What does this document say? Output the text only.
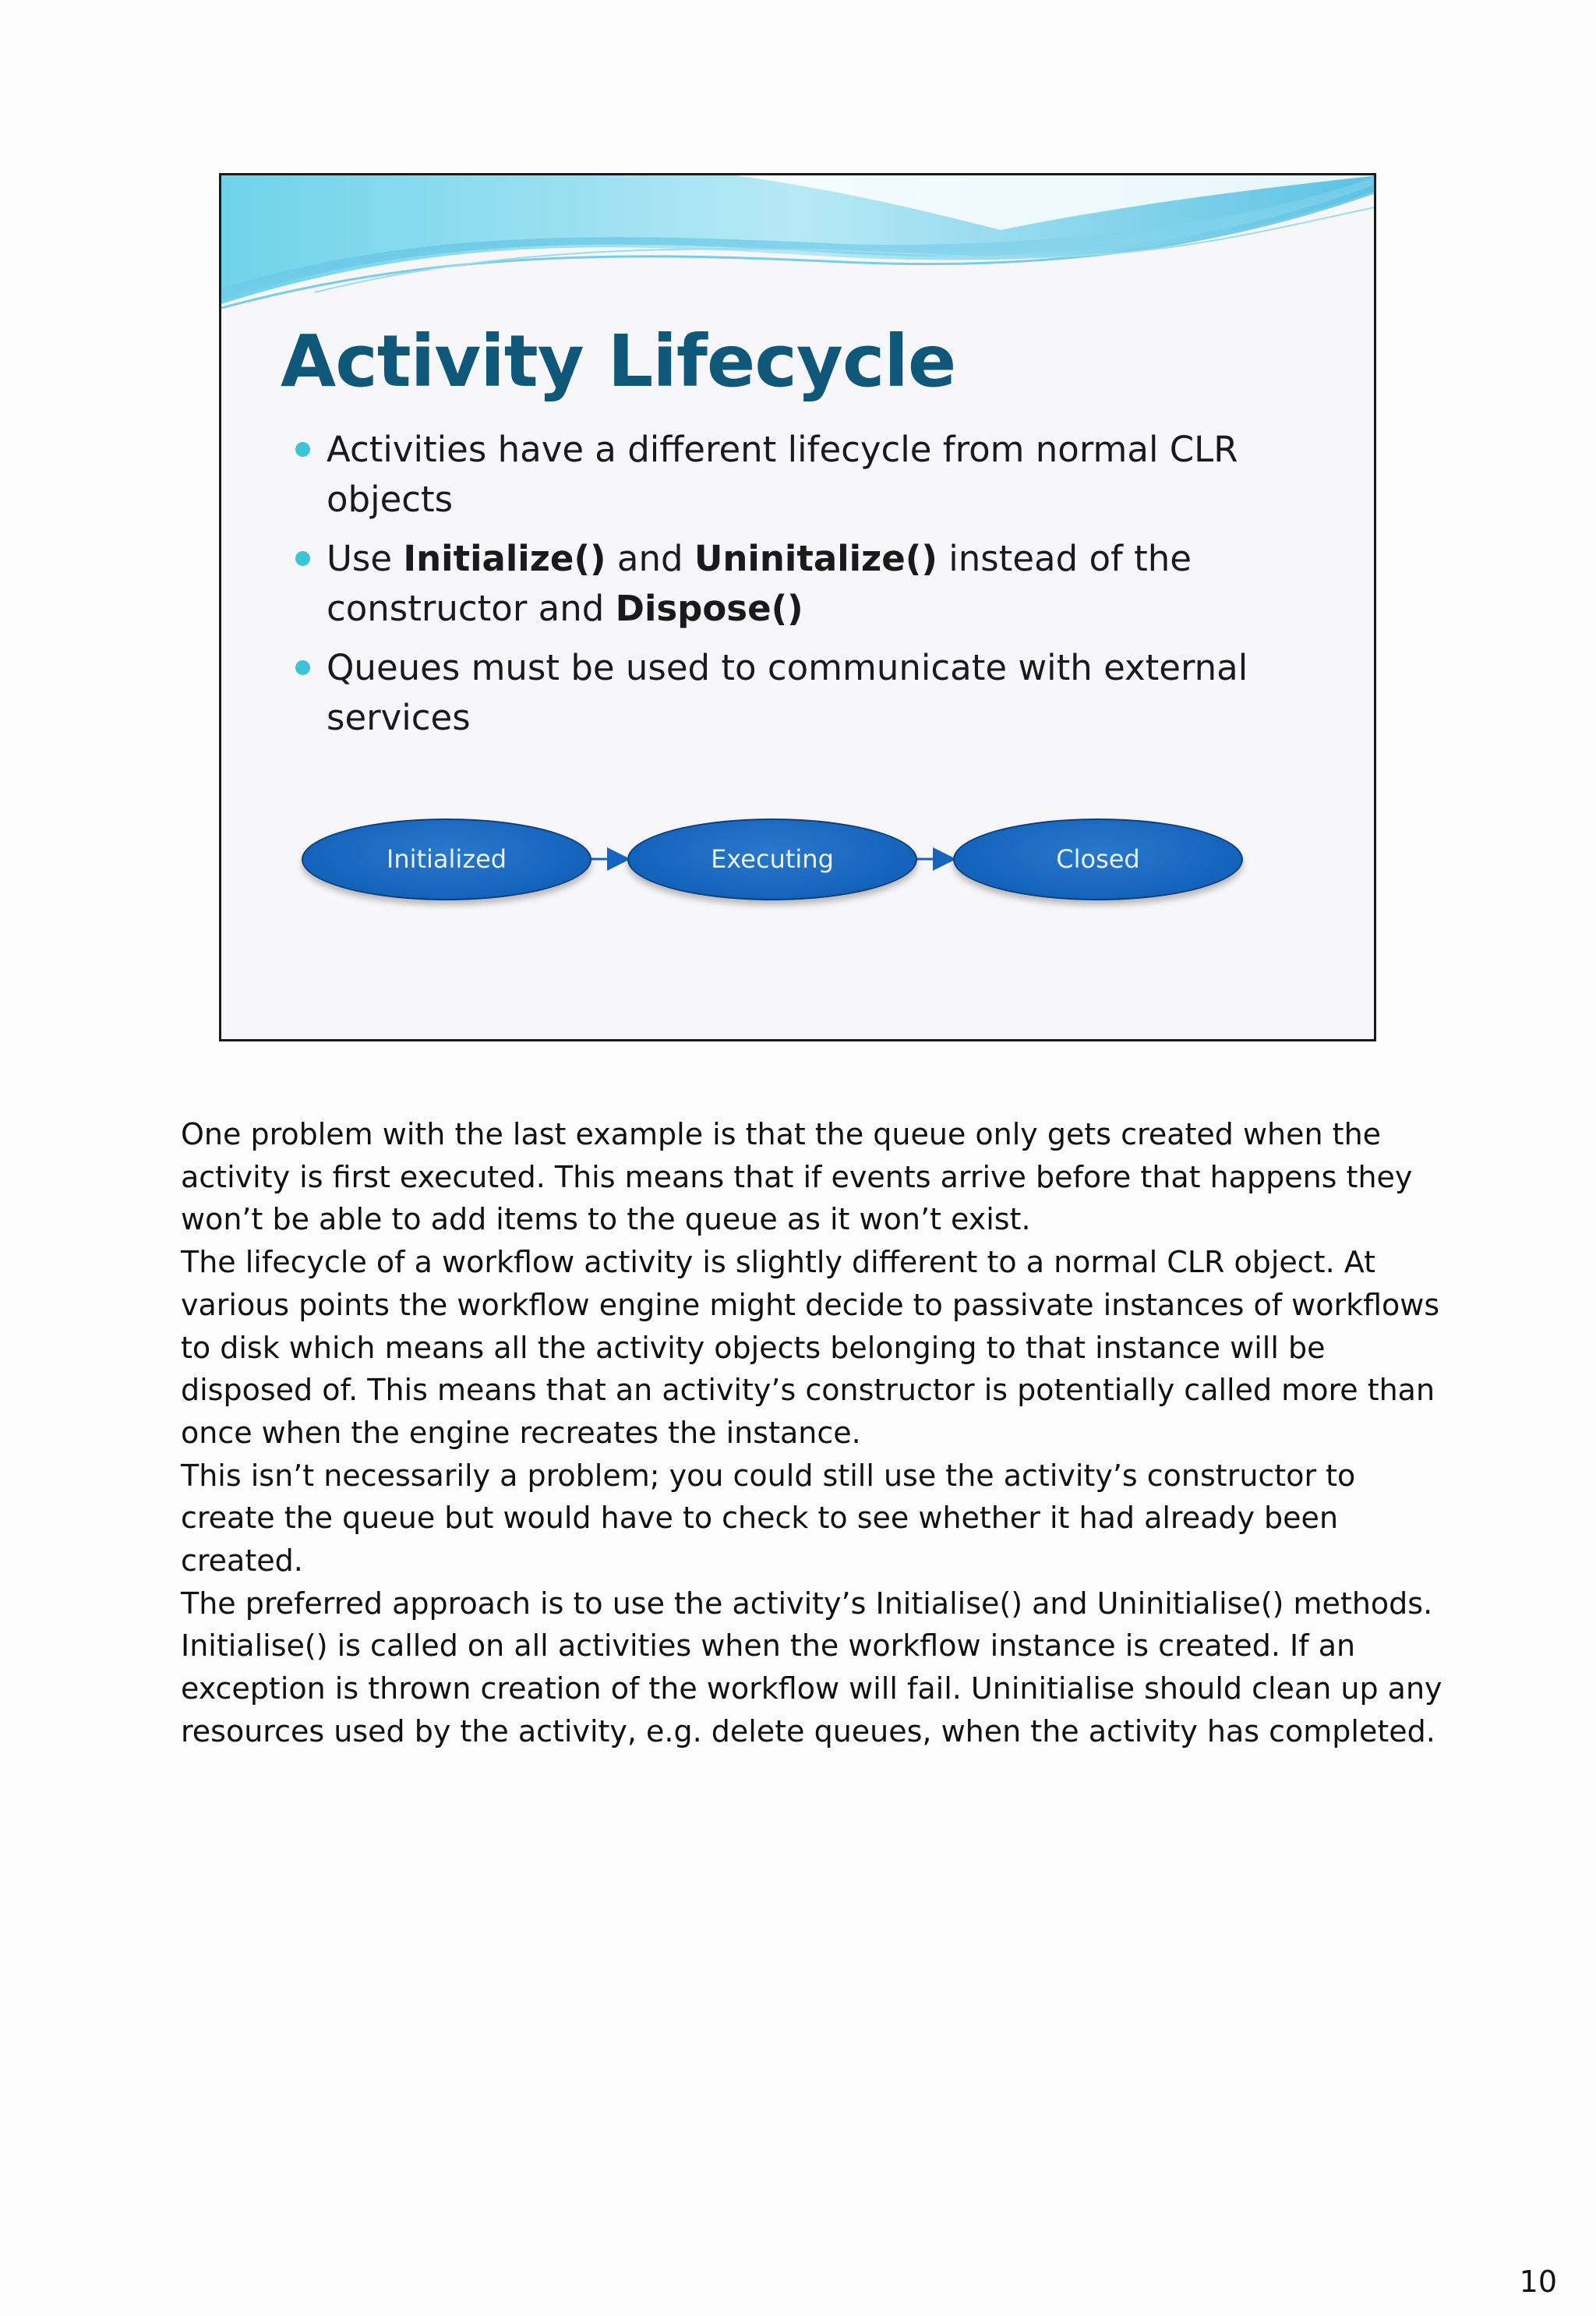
Activity Lifecycle
Activities have a different lifecycle from normal CLR objects
Use Initialize() and Uninitalize() instead of the constructor and Dispose()
Queues must be used to communicate with external services
Initialized	Executing	Closed

One problem with the last example is that the queue only gets created when the activity is first executed. This means that if events arrive before that happens they won’t be able to add items to the queue as it won’t exist.

The lifecycle of a workflow activity is slightly different to a normal CLR object. At various points the workflow engine might decide to passivate instances of workflows to disk which means all the activity objects belonging to that instance will be disposed of. This means that an activity’s constructor is potentially called more than once when the engine recreates the instance.

This isn’t necessarily a problem; you could still use the activity’s constructor to create the queue but would have to check to see whether it had already been created.

The preferred approach is to use the activity’s Initialise() and Uninitialise() methods. Initialise() is called on all activities when the workflow instance is created. If an exception is thrown creation of the workflow will fail. Uninitialise should clean up any resources used by the activity, e.g. delete queues, when the activity has completed.

10
